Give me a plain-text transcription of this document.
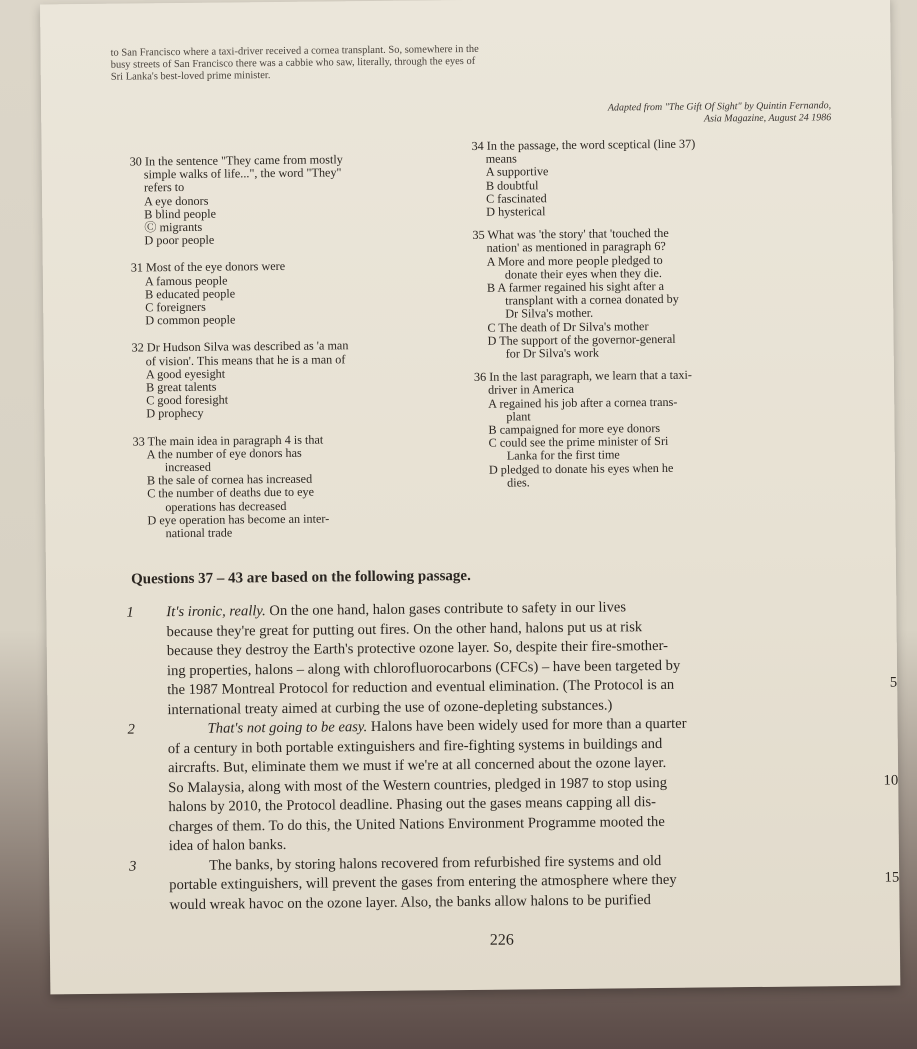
to San Francisco where a taxi-driver received a cornea transplant. So, somewhere in the
busy streets of San Francisco there was a cabbie who saw, literally, through the eyes of
Sri Lanka's best-loved prime minister.
Adapted from "The Gift Of Sight" by Quintin Fernando,
Asia Magazine, August 24 1986
30 In the sentence "They came from mostly
simple walks of life...", the word "They"
refers to
A eye donors
B blind people
Ⓒ migrants
D poor people
31 Most of the eye donors were
A famous people
B educated people
C foreigners
D common people
32 Dr Hudson Silva was described as 'a man
of vision'. This means that he is a man of
A good eyesight
B great talents
C good foresight
D prophecy
33 The main idea in paragraph 4 is that
A the number of eye donors has
increased
B the sale of cornea has increased
C the number of deaths due to eye
operations has decreased
D eye operation has become an inter-
national trade
34 In the passage, the word sceptical (line 37)
means
A supportive
B doubtful
C fascinated
D hysterical
35 What was 'the story' that 'touched the
nation' as mentioned in paragraph 6?
A More and more people pledged to
donate their eyes when they die.
B A farmer regained his sight after a
transplant with a cornea donated by
Dr Silva's mother.
C The death of Dr Silva's mother
D The support of the governor-general
for Dr Silva's work
36 In the last paragraph, we learn that a taxi-
driver in America
A regained his job after a cornea trans-
plant
B campaigned for more eye donors
C could see the prime minister of Sri
Lanka for the first time
D pledged to donate his eyes when he
dies.
Questions 37 – 43 are based on the following passage.
1 It's ironic, really. On the one hand, halon gases contribute to safety in our lives
because they're great for putting out fires. On the other hand, halons put us at risk
because they destroy the Earth's protective ozone layer. So, despite their fire-smother-
ing properties, halons – along with chlorofluorocarbons (CFCs) – have been targeted by
the 1987 Montreal Protocol for reduction and eventual elimination. (The Protocol is an	5
international treaty aimed at curbing the use of ozone-depleting substances.)
2	That's not going to be easy. Halons have been widely used for more than a quarter
of a century in both portable extinguishers and fire-fighting systems in buildings and
aircrafts. But, eliminate them we must if we're at all concerned about the ozone layer.
So Malaysia, along with most of the Western countries, pledged in 1987 to stop using	10
halons by 2010, the Protocol deadline. Phasing out the gases means capping all dis-
charges of them. To do this, the United Nations Environment Programme mooted the
idea of halon banks.
3	The banks, by storing halons recovered from refurbished fire systems and old
portable extinguishers, will prevent the gases from entering the atmosphere where they	15
would wreak havoc on the ozone layer. Also, the banks allow halons to be purified
226
